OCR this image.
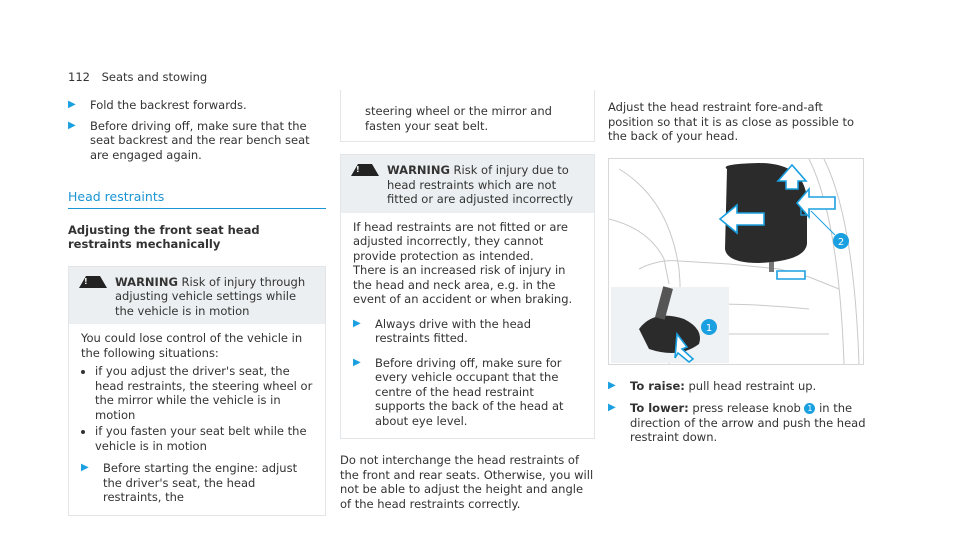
112 Seats and stowing
▶ Fold the backrest forwards.

▶ Before driving off, make sure that the seat backrest and the rear bench seat are engaged again.

Head restraints
Adjusting the front seat head restraints mechanically
!
WARNING Risk of injury through adjusting vehicle settings while the vehicle is in motion
You could lose control of the vehicle in the following situations:
• if you adjust the driver's seat, the head restraints, the steering wheel or the mirror while the vehicle is in motion
• if you fasten your seat belt while the vehicle is in motion
▶ Before starting the engine: adjust the driver's seat, the head restraints, the

steering wheel or the mirror and fasten your seat belt.
!
WARNING Risk of injury due to head restraints which are not fitted or are adjusted incorrectly
If head restraints are not fitted or are adjusted incorrectly, they cannot provide protection as intended.
There is an increased risk of injury in the head and neck area, e.g. in the event of an accident or when braking.
▶ Always drive with the head restraints fitted.

▶ Before driving off, make sure for every vehicle occupant that the centre of the head restraint supports the back of the head at about eye level.

Do not interchange the head restraints of the front and rear seats. Otherwise, you will not be able to adjust the height and angle of the head restraints correctly.
Adjust the head restraint fore-and-aft position so that it is as close as possible to the back of your head.
2
1
▶ To raise: pull head restraint up.

▶ To lower: press release knob 1 in the direction of the arrow and push the head restraint down.
